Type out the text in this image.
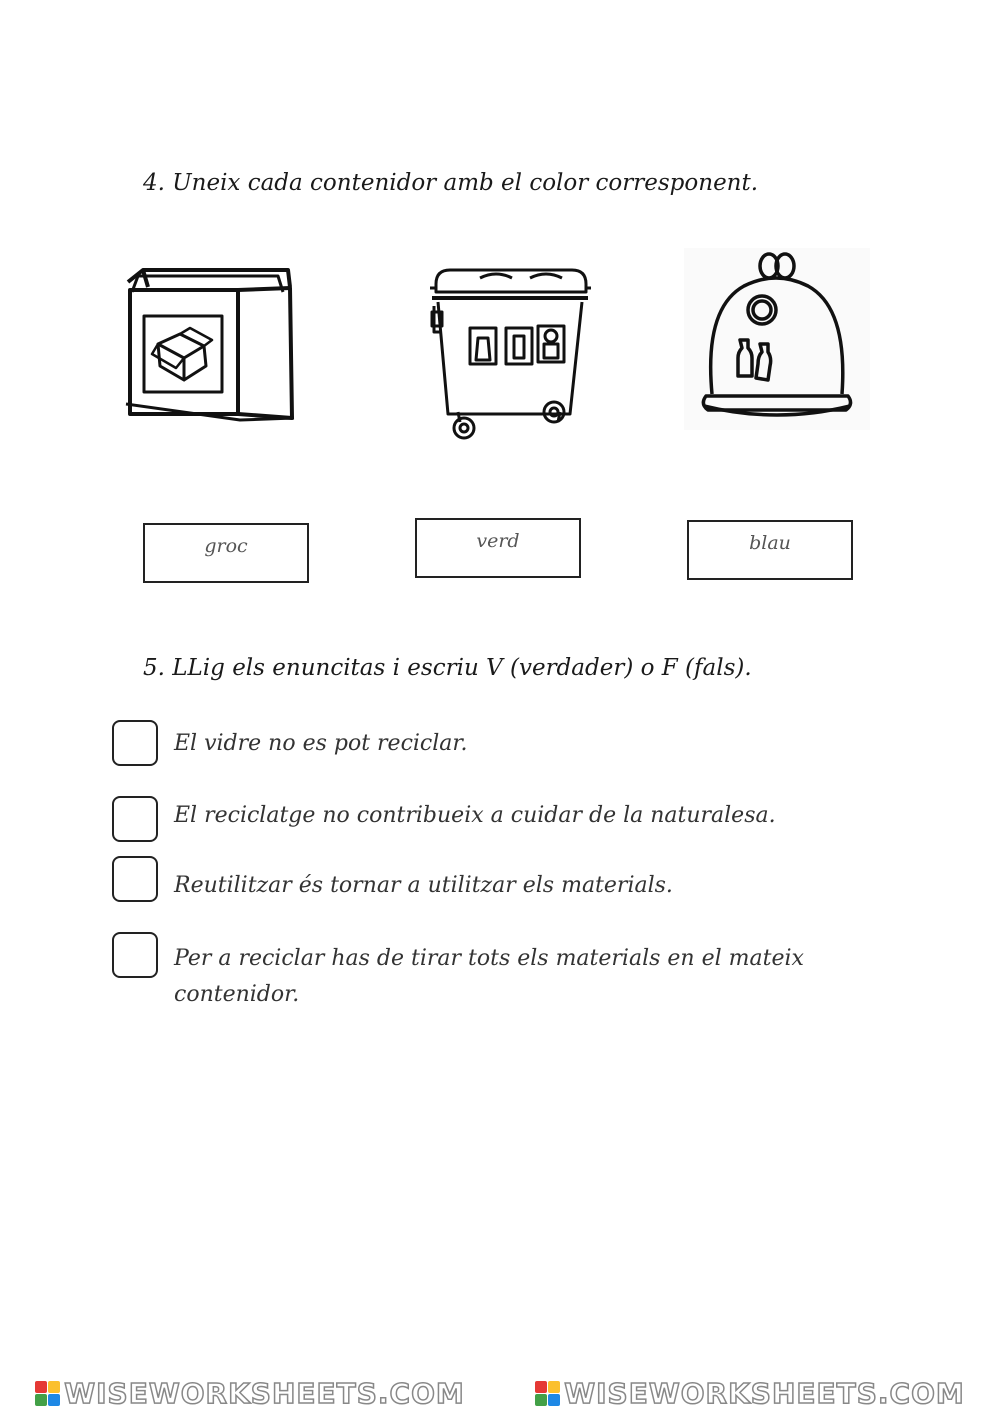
4. Uneix cada contenidor amb el color corresponent.
groc	verd	blau
5. LLig els enuncitas i escriu V (verdader) o F (fals).
El vidre no es pot reciclar.
El reciclatge no contribueix a cuidar de la naturalesa.
Reutilitzar és tornar a utilitzar els materials.
Per a reciclar has de tirar tots els materials en el mateix contenidor.
WISEWORKSHEETS.COM	WISEWORKSHEETS.COM
